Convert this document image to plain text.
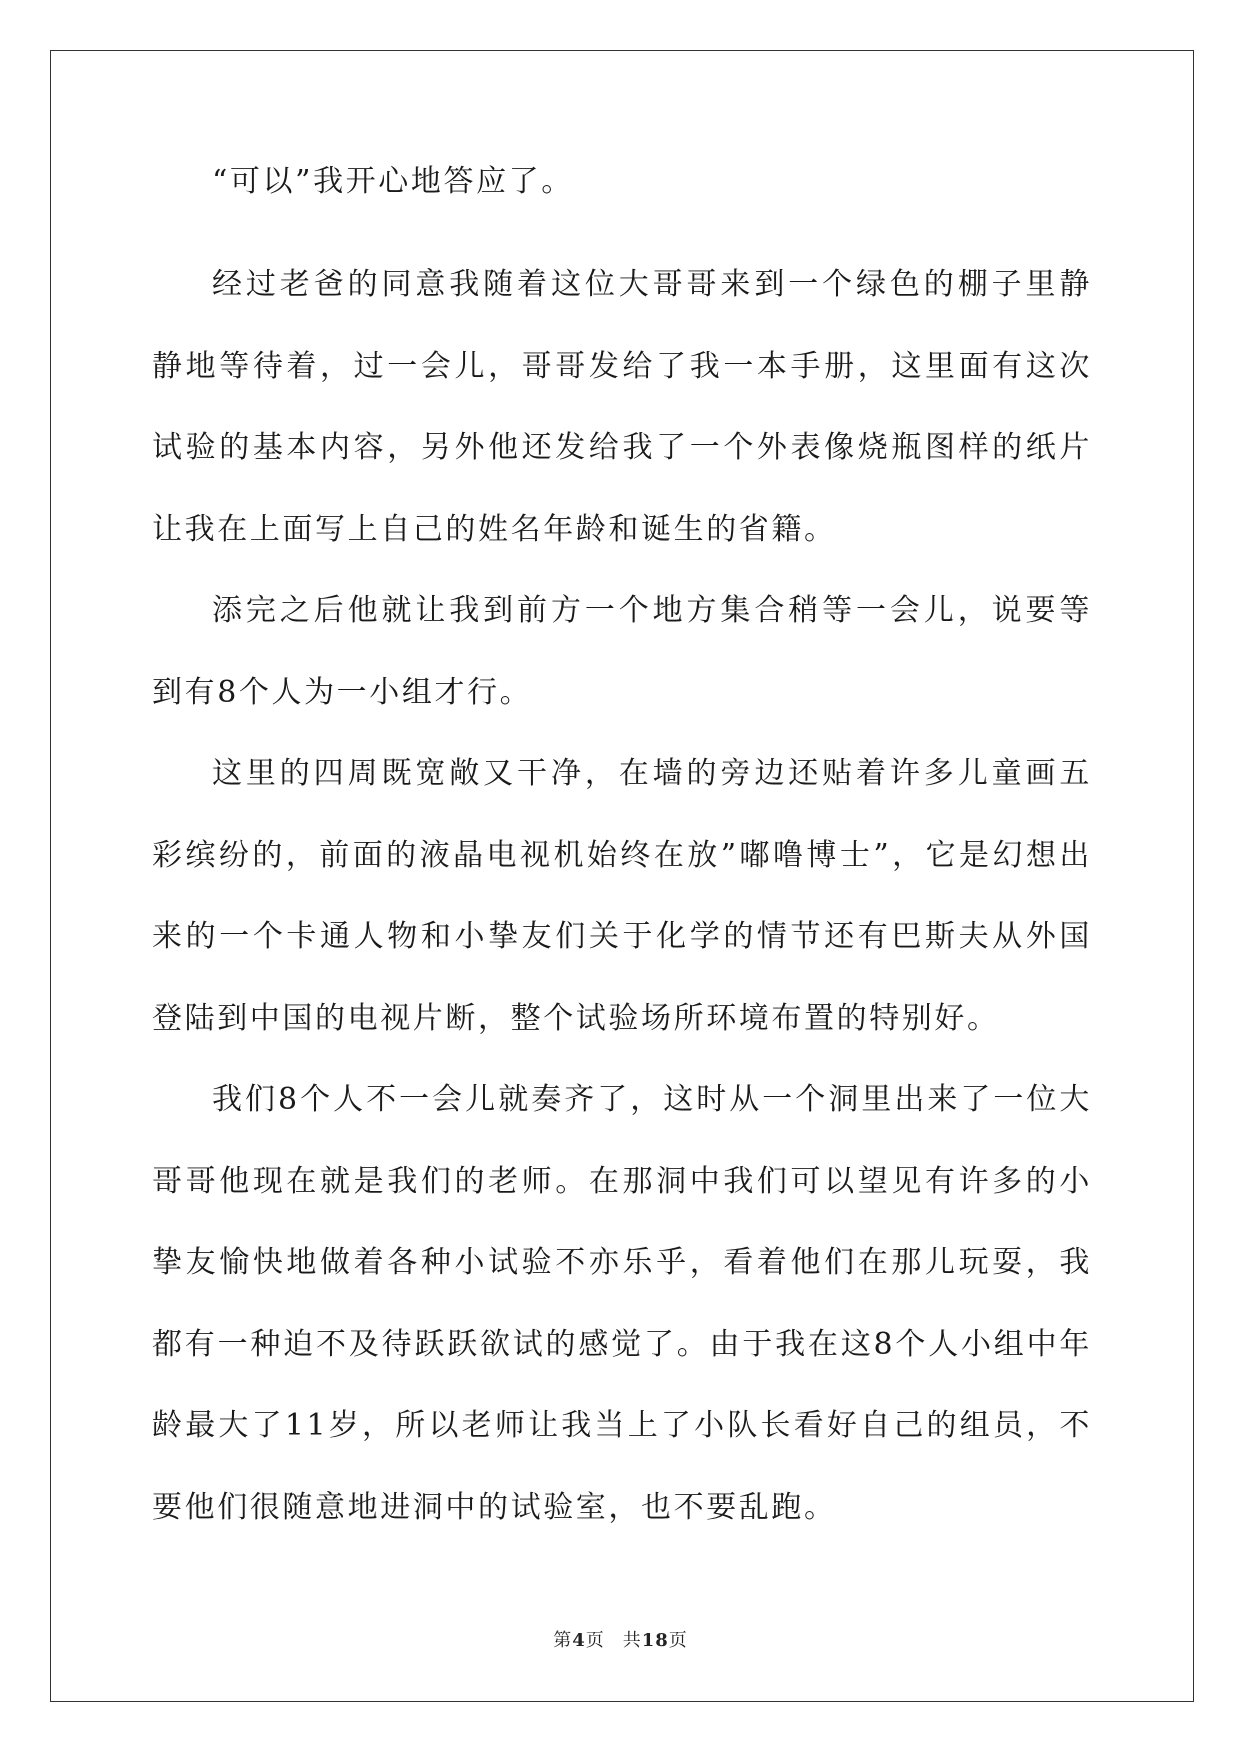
“可以”我开心地答应了。

经过老爸的同意我随着这位大哥哥来到一个绿色的棚子里静静地等待着，过一会儿，哥哥发给了我一本手册，这里面有这次试验的基本内容，另外他还发给我了一个外表像烧瓶图样的纸片让我在上面写上自己的姓名年龄和诞生的省籍。

添完之后他就让我到前方一个地方集合稍等一会儿，说要等到有8个人为一小组才行。

这里的四周既宽敞又干净，在墙的旁边还贴着许多儿童画五彩缤纷的，前面的液晶电视机始终在放”嘟噜博士”，它是幻想出来的一个卡通人物和小挚友们关于化学的情节还有巴斯夫从外国登陆到中国的电视片断，整个试验场所环境布置的特别好。

我们8个人不一会儿就奏齐了，这时从一个洞里出来了一位大哥哥他现在就是我们的老师。在那洞中我们可以望见有许多的小挚友愉快地做着各种小试验不亦乐乎，看着他们在那儿玩耍，我都有一种迫不及待跃跃欲试的感觉了。由于我在这8个人小组中年龄最大了11岁，所以老师让我当上了小队长看好自己的组员，不要他们很随意地进洞中的试验室，也不要乱跑。

第4页 共18页
